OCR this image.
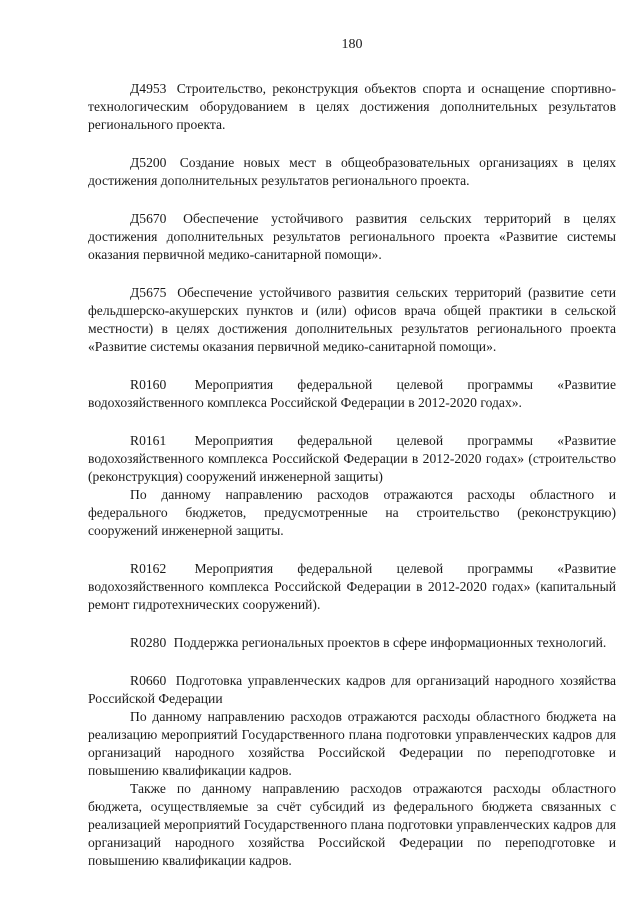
180

Д4953 Строительство, реконструкция объектов спорта и оснащение спортивно-технологическим оборудованием в целях достижения дополнительных результатов регионального проекта.

Д5200 Создание новых мест в общеобразовательных организациях в целях достижения дополнительных результатов регионального проекта.

Д5670 Обеспечение устойчивого развития сельских территорий в целях достижения дополнительных результатов регионального проекта «Развитие системы оказания первичной медико-санитарной помощи».

Д5675 Обеспечение устойчивого развития сельских территорий (развитие сети фельдшерско-акушерских пунктов и (или) офисов врача общей практики в сельской местности) в целях достижения дополнительных результатов регионального проекта «Развитие системы оказания первичной медико-санитарной помощи».

R0160 Мероприятия федеральной целевой программы «Развитие водохозяйственного комплекса Российской Федерации в 2012-2020 годах».

R0161 Мероприятия федеральной целевой программы «Развитие водохозяйственного комплекса Российской Федерации в 2012-2020 годах» (строительство (реконструкция) сооружений инженерной защиты)

По данному направлению расходов отражаются расходы областного и федерального бюджетов, предусмотренные на строительство (реконструкцию) сооружений инженерной защиты.

R0162 Мероприятия федеральной целевой программы «Развитие водохозяйственного комплекса Российской Федерации в 2012-2020 годах» (капитальный ремонт гидротехнических сооружений).

R0280 Поддержка региональных проектов в сфере информационных технологий.

R0660 Подготовка управленческих кадров для организаций народного хозяйства Российской Федерации

По данному направлению расходов отражаются расходы областного бюджета на реализацию мероприятий Государственного плана подготовки управленческих кадров для организаций народного хозяйства Российской Федерации по переподготовке и повышению квалификации кадров.

Также по данному направлению расходов отражаются расходы областного бюджета, осуществляемые за счёт субсидий из федерального бюджета связанных с реализацией мероприятий Государственного плана подготовки управленческих кадров для организаций народного хозяйства Российской Федерации по переподготовке и повышению квалификации кадров.
